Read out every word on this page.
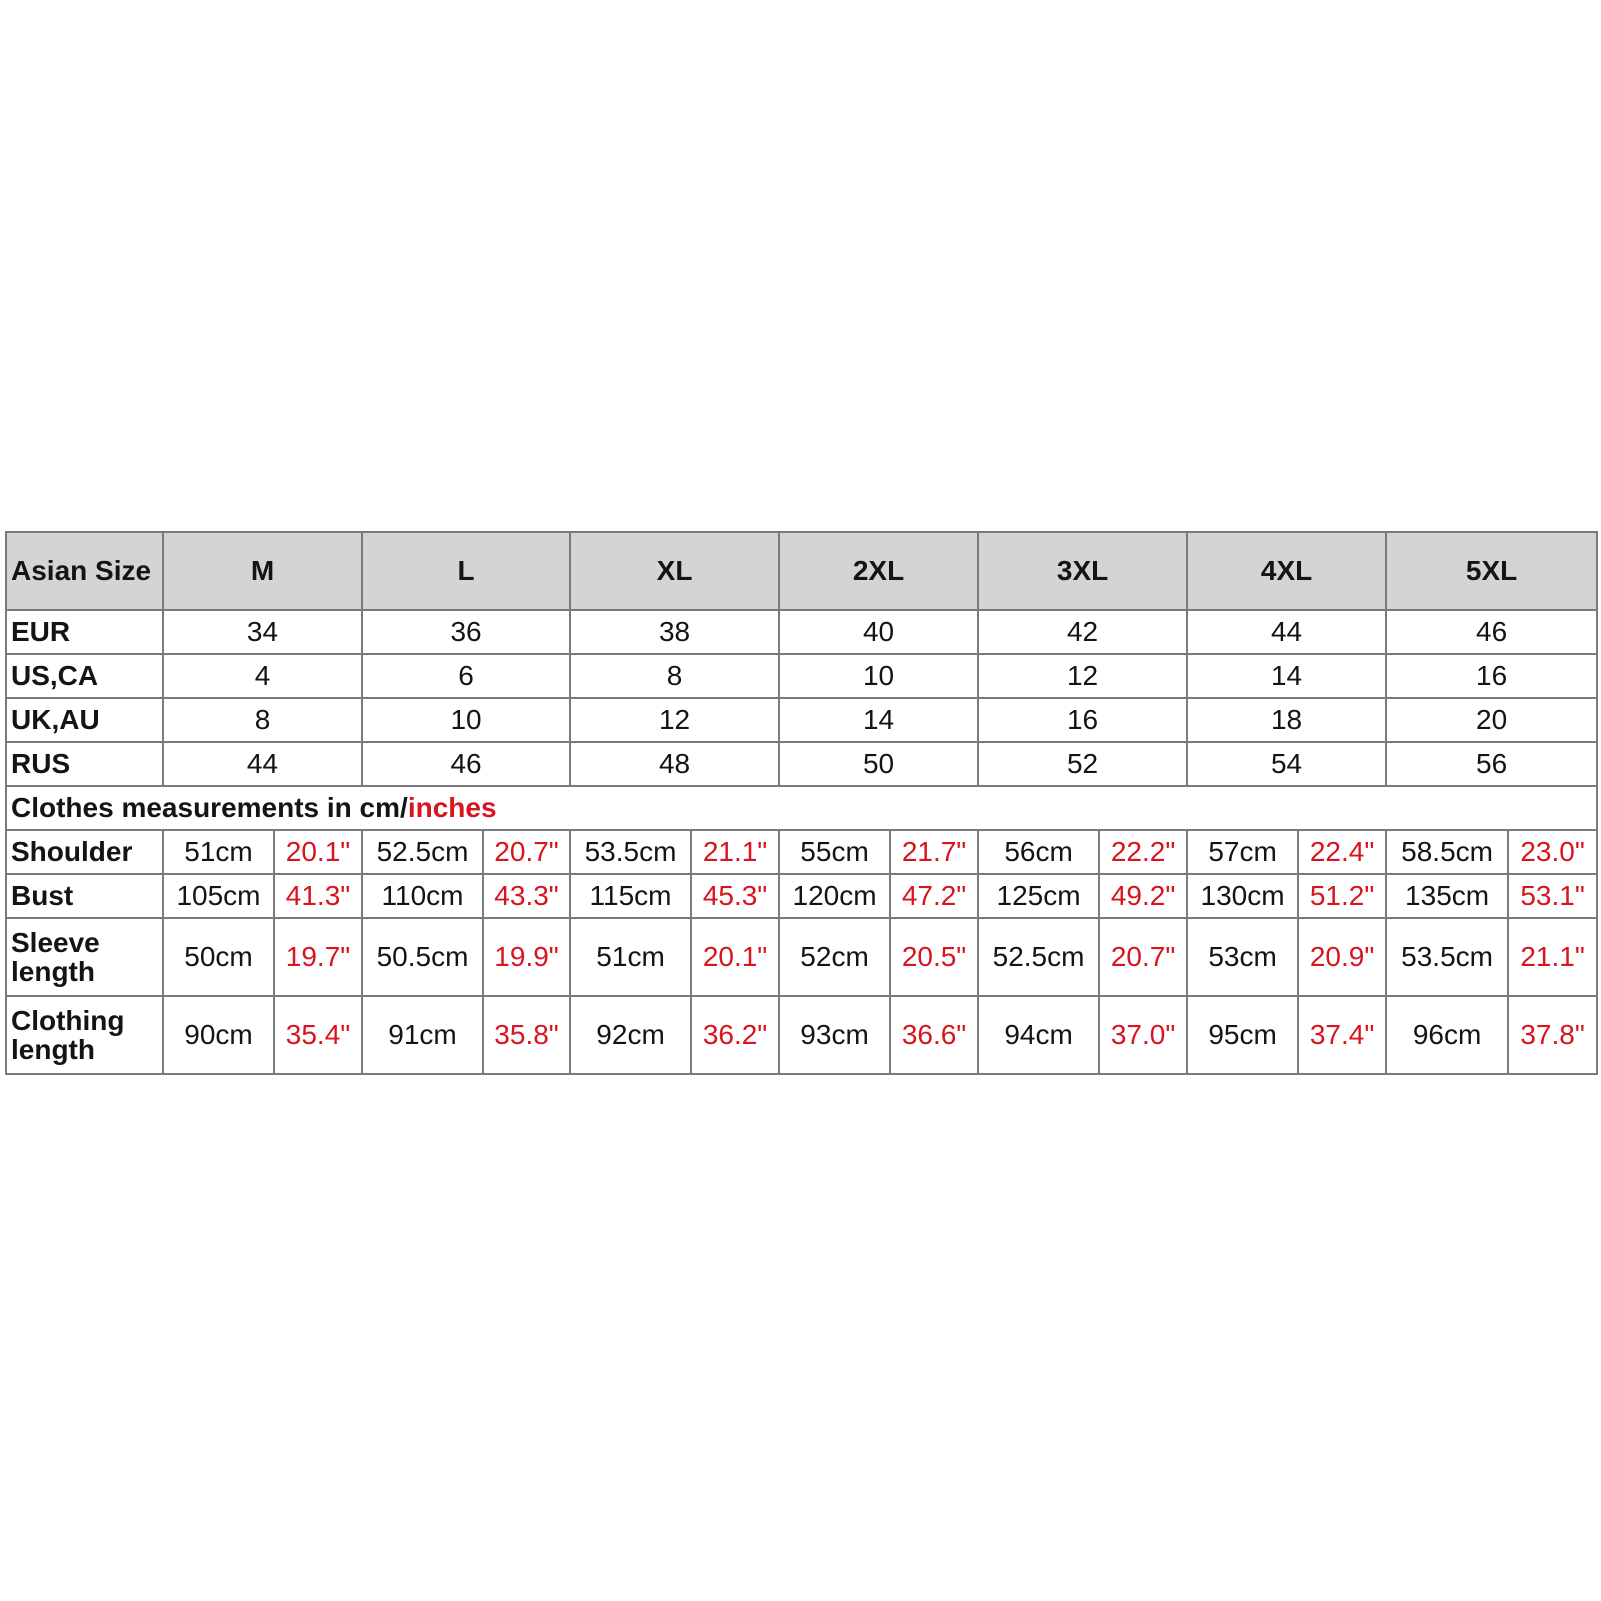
Asian Size	M		L		XL		2XL		3XL		4XL		5XL	
EUR	34		36		38		40		42		44		46	
US,CA	4		6		8		10		12		14		16	
UK,AU	8		10		12		14		16		18		20	
RUS	44		46		48		50		52		54		56	
Clothes measurements in cm/inches														
Shoulder	51cm	20.1"	52.5cm	20.7"	53.5cm	21.1"	55cm	21.7"	56cm	22.2"	57cm	22.4"	58.5cm	23.0"
Bust	105cm	41.3"	110cm	43.3"	115cm	45.3"	120cm	47.2"	125cm	49.2"	130cm	51.2"	135cm	53.1"
Sleeve length	50cm	19.7"	50.5cm	19.9"	51cm	20.1"	52cm	20.5"	52.5cm	20.7"	53cm	20.9"	53.5cm	21.1"
Clothing length	90cm	35.4"	91cm	35.8"	92cm	36.2"	93cm	36.6"	94cm	37.0"	95cm	37.4"	96cm	37.8"
